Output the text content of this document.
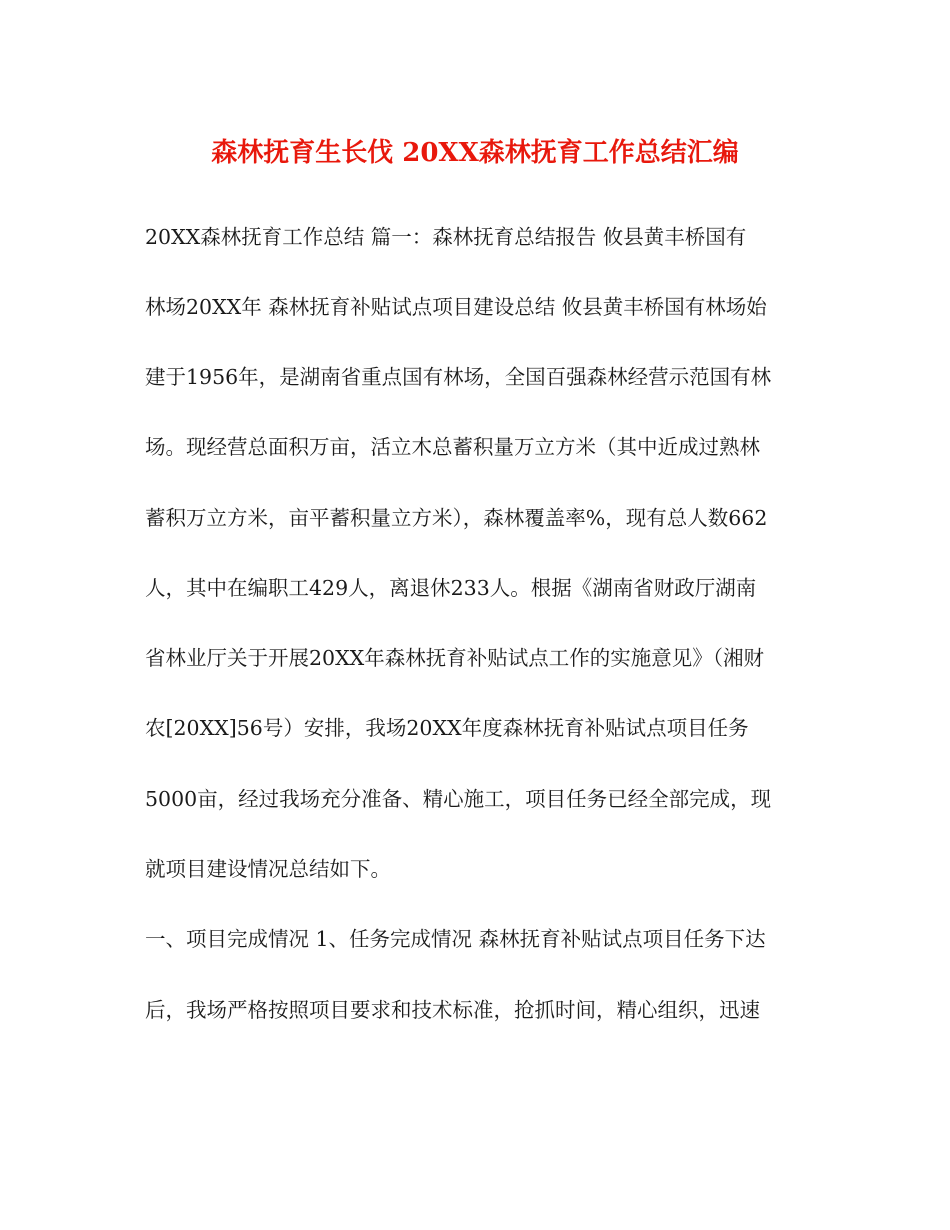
森林抚育生长伐 20XX森林抚育工作总结汇编
20XX森林抚育工作总结 篇一：森林抚育总结报告 攸县黄丰桥国有
林场20XX年 森林抚育补贴试点项目建设总结 攸县黄丰桥国有林场始
建于1956年，是湖南省重点国有林场，全国百强森林经营示范国有林
场。现经营总面积万亩，活立木总蓄积量万立方米（其中近成过熟林
蓄积万立方米，亩平蓄积量立方米），森林覆盖率%，现有总人数662
人，其中在编职工429人，离退休233人。根据《湖南省财政厅湖南
省林业厅关于开展20XX年森林抚育补贴试点工作的实施意见》（湘财
农[20XX]56号）安排，我场20XX年度森林抚育补贴试点项目任务
5000亩，经过我场充分准备、精心施工，项目任务已经全部完成，现
就项目建设情况总结如下。
一、项目完成情况 1、任务完成情况 森林抚育补贴试点项目任务下达
后，我场严格按照项目要求和技术标准，抢抓时间，精心组织，迅速
